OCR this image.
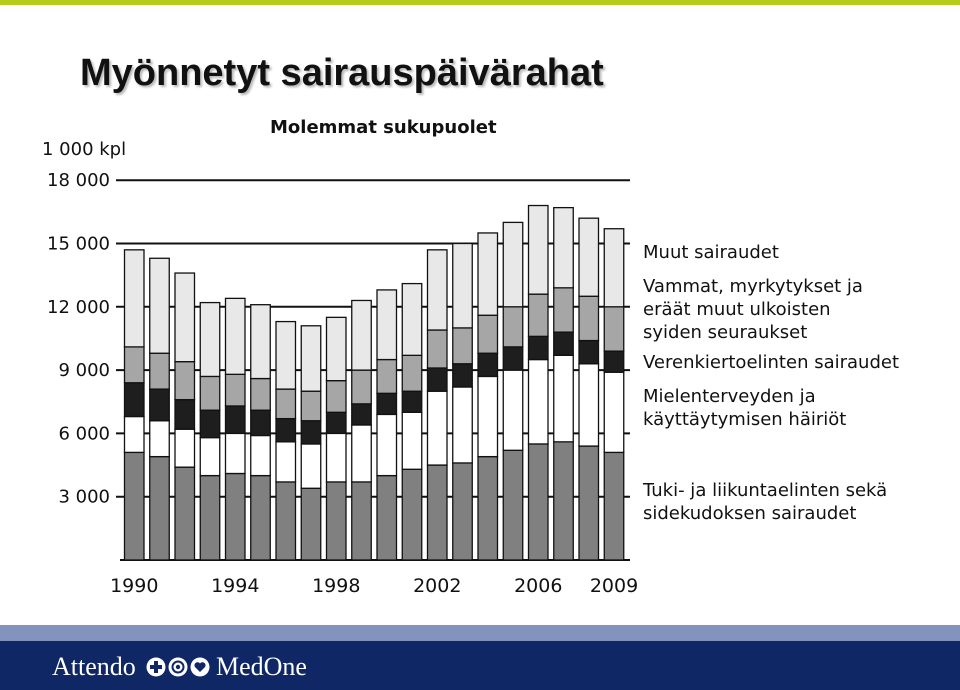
Myönnetyt sairauspäivärahat
Molemmat sukupuolet
1 000 kpl
3 000
6 000
9 000
12 000
15 000
18 000
1990	1994	1998	2002	2006 2009
Muut sairaudet
Vammat, myrkytykset ja
eräät muut ulkoisten
syiden seuraukset
Verenkiertoelinten sairaudet
Mielenterveyden ja
käyttäytymisen häiriöt
Tuki- ja liikuntaelinten sekä
sidekudoksen sairaudet
Attendo	MedOne
